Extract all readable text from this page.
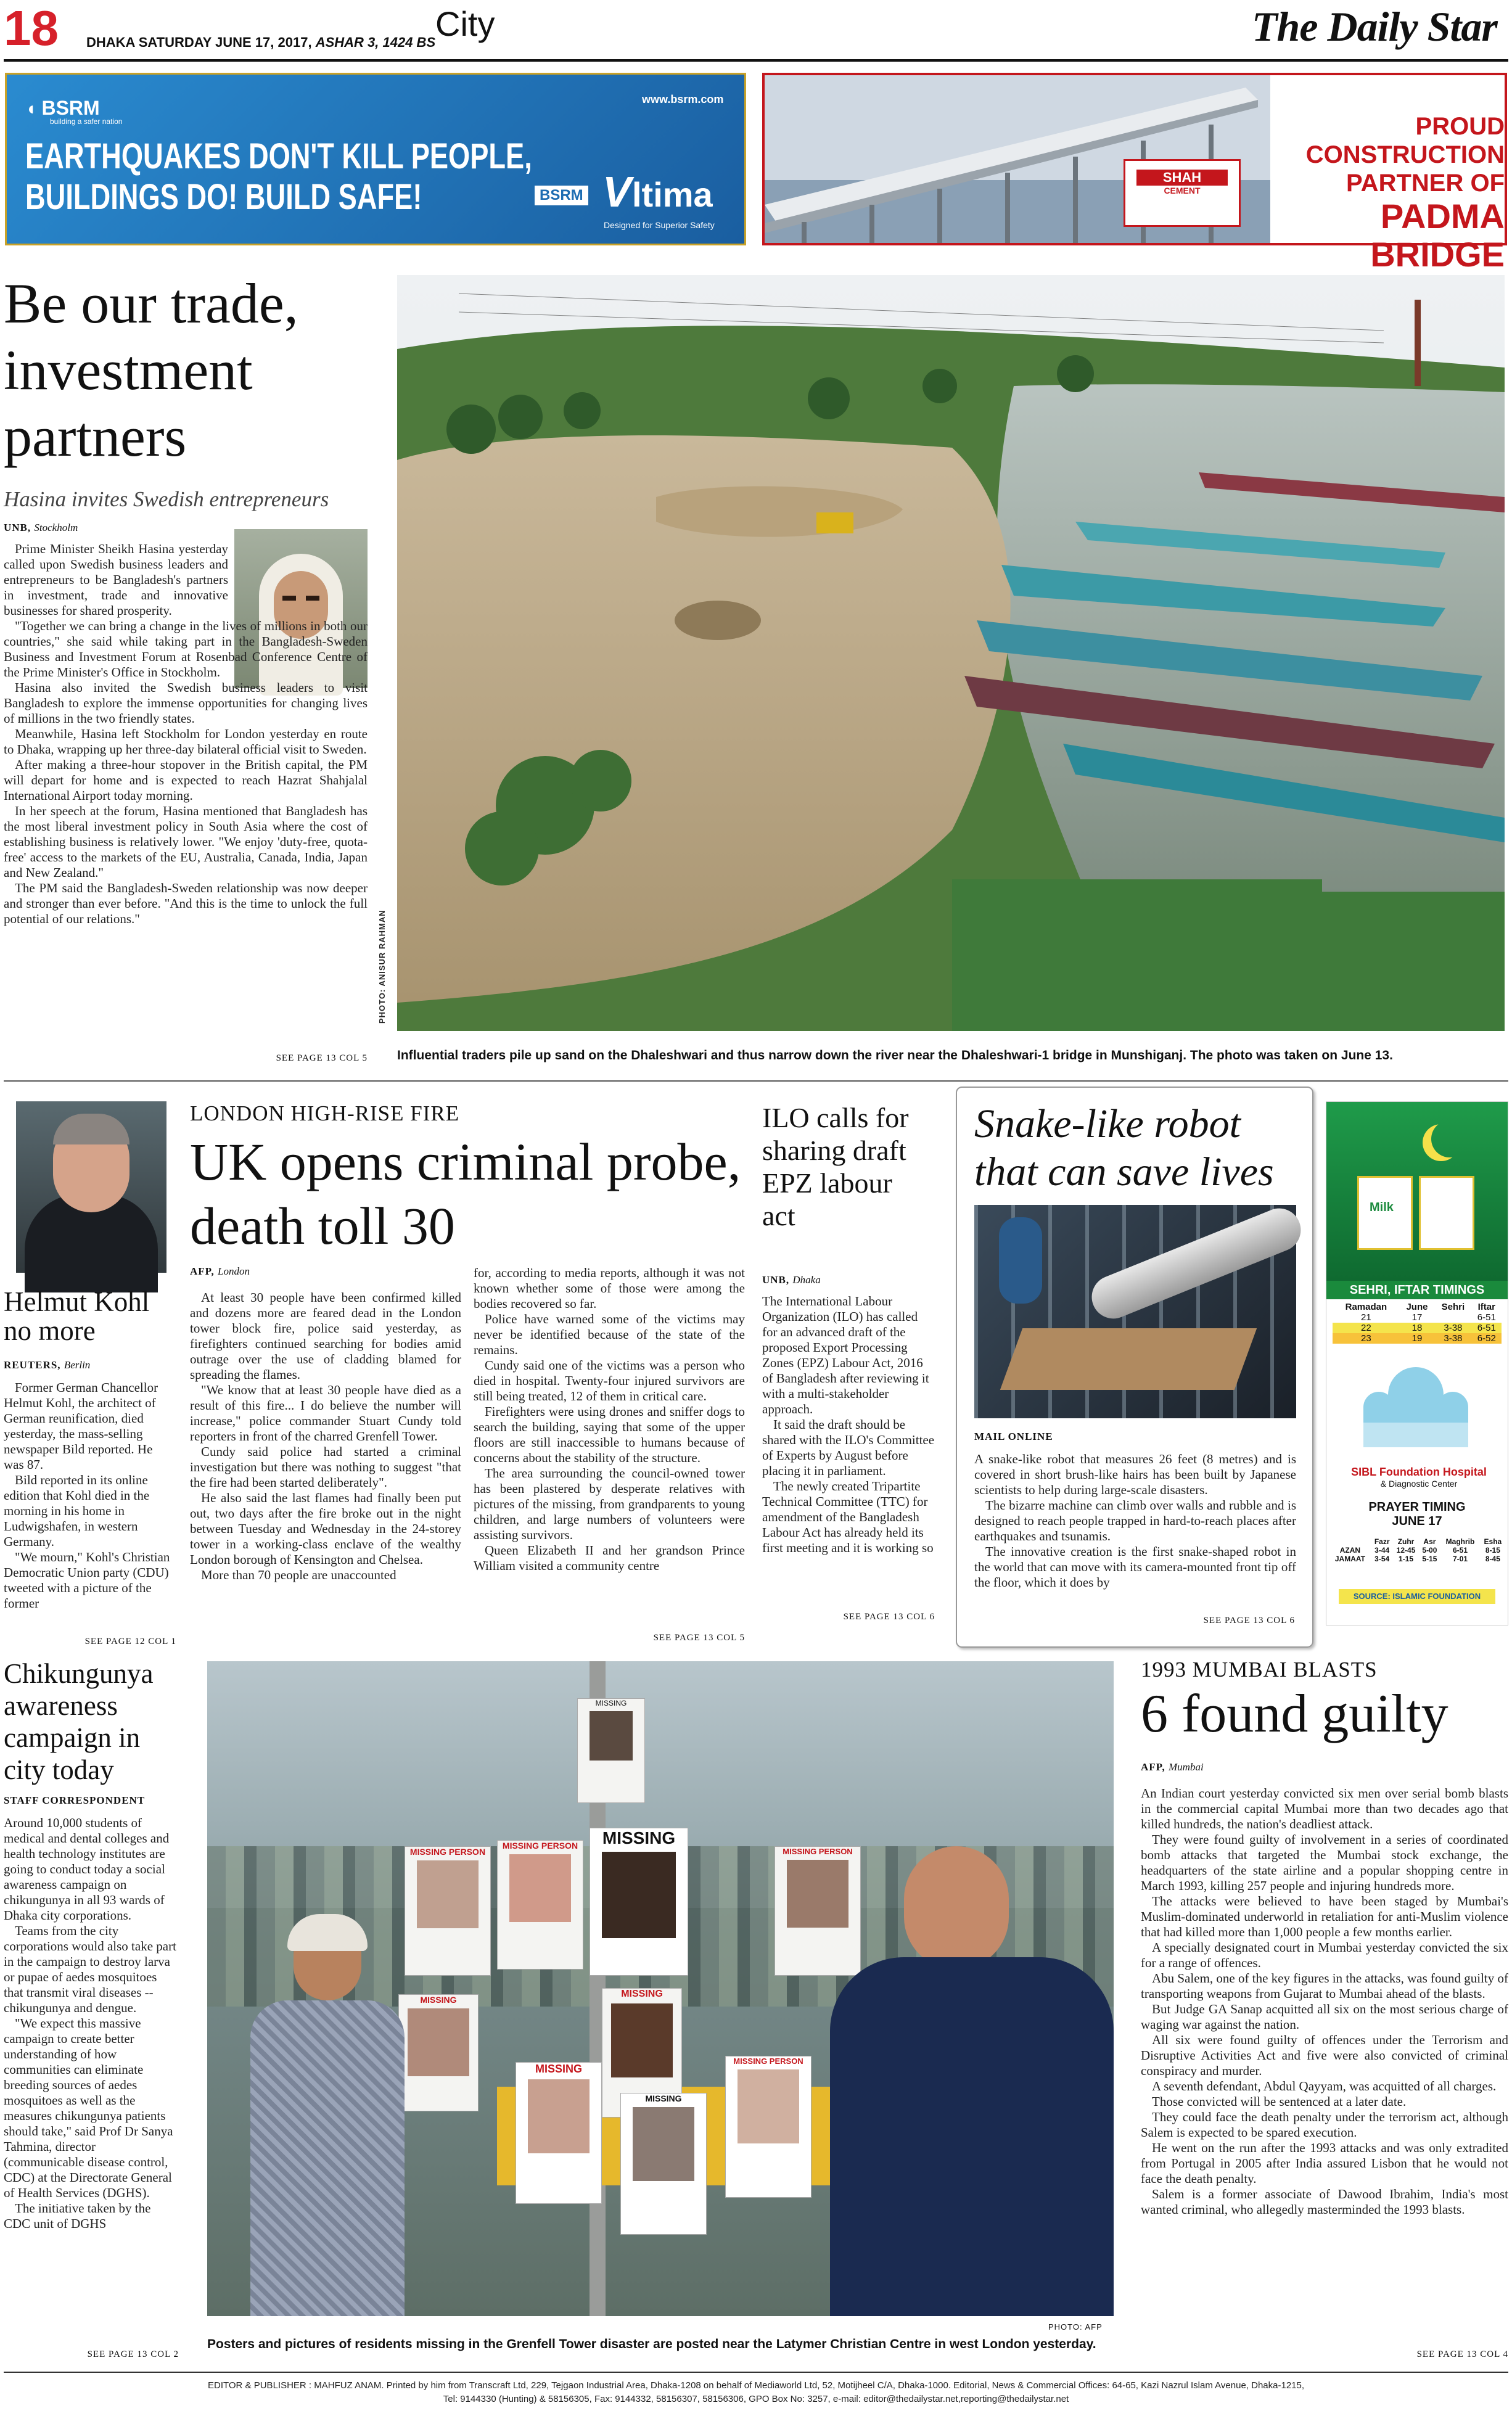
18 DHAKA SATURDAY JUNE 17, 2017, ASHAR 3, 1424 BS City	The Daily Star
◖ BSRM
building a safer nation
www.bsrm.com
EARTHQUAKES DON'T KILL PEOPLE,
BUILDINGS DO! BUILD SAFE!	BSRM V ltima
Designed for Superior Safety
SHAH
CEMENT
PROUD
CONSTRUCTION
PARTNER OF
PADMA BRIDGE
Be our trade, investment partners
Hasina invites Swedish entrepreneurs
UNB, Stockholm

Prime Minister Sheikh Hasina yesterday called upon Swedish business leaders and entrepreneurs to be Bangladesh's partners in investment, trade and innovative businesses for shared prosperity.

"Together we can bring a change in the lives of millions in both our countries," she said while taking part in the Bangladesh-Sweden Business and Investment Forum at Rosenbad Conference Centre of the Prime Minister's Office in Stockholm.

Hasina also invited the Swedish business leaders to visit Bangladesh to explore the immense opportunities for changing lives of millions in the two friendly states.

Meanwhile, Hasina left Stockholm for London yesterday en route to Dhaka, wrapping up her three-day bilateral official visit to Sweden.

After making a three-hour stopover in the British capital, the PM will depart for home and is expected to reach Hazrat Shahjalal International Airport today morning.

In her speech at the forum, Hasina mentioned that Bangladesh has the most liberal investment policy in South Asia where the cost of establishing business is relatively lower. "We enjoy 'duty-free, quota-free' access to the markets of the EU, Australia, Canada, India, Japan and New Zealand."

The PM said the Bangladesh-Sweden relationship was now deeper and stronger than ever before. "And this is the time to unlock the full potential of our relations."

SEE PAGE 13 COL 5
PHOTO: ANISUR RAHMAN
Influential traders pile up sand on the Dhaleshwari and thus narrow down the river near the Dhaleshwari-1 bridge in Munshiganj. The photo was taken on June 13.
Helmut Kohl no more
REUTERS, Berlin

Former German Chancellor Helmut Kohl, the architect of German reunification, died yesterday, the mass-selling newspaper Bild reported. He was 87.

Bild reported in its online edition that Kohl died in the morning in his home in Ludwigshafen, in western Germany.

"We mourn," Kohl's Christian Democratic Union party (CDU) tweeted with a picture of the former

SEE PAGE 12 COL 1
LONDON HIGH-RISE FIRE
UK opens criminal probe, death toll 30
AFP, London

At least 30 people have been confirmed killed and dozens more are feared dead in the London tower block fire, police said yesterday, as firefighters continued searching for bodies amid outrage over the use of cladding blamed for spreading the flames.

"We know that at least 30 people have died as a result of this fire... I do believe the number will increase," police commander Stuart Cundy told reporters in front of the charred Grenfell Tower.

Cundy said police had started a criminal investigation but there was nothing to suggest "that the fire had been started deliberately".

He also said the last flames had finally been put out, two days after the fire broke out in the night between Tuesday and Wednesday in the 24-storey tower in a working-class enclave of the wealthy London borough of Kensington and Chelsea.

More than 70 people are unaccounted

for, according to media reports, although it was not known whether some of those were among the bodies recovered so far.

Police have warned some of the victims may never be identified because of the state of the remains.

Cundy said one of the victims was a person who died in hospital. Twenty-four injured survivors are still being treated, 12 of them in critical care.

Firefighters were using drones and sniffer dogs to search the building, saying that some of the upper floors are still inaccessible to humans because of concerns about the stability of the structure.

The area surrounding the council-owned tower has been plastered by desperate relatives with pictures of the missing, from grandparents to young children, and large numbers of volunteers were assisting survivors.

Queen Elizabeth II and her grandson Prince William visited a community centre

SEE PAGE 13 COL 5
ILO calls for sharing draft EPZ labour act
UNB, Dhaka

The International Labour Organization (ILO) has called for an advanced draft of the proposed Export Processing Zones (EPZ) Labour Act, 2016 of Bangladesh after reviewing it with a multi-stakeholder approach.

It said the draft should be shared with the ILO's Committee of Experts by August before placing it in parliament.

The newly created Tripartite Technical Committee (TTC) for amendment of the Bangladesh Labour Act has already held its first meeting and it is working so

SEE PAGE 13 COL 6
Snake-like robot that can save lives
MAIL ONLINE

A snake-like robot that measures 26 feet (8 metres) and is covered in short brush-like hairs has been built by Japanese scientists to help during large-scale disasters.

The bizarre machine can climb over walls and rubble and is designed to reach people trapped in hard-to-reach places after earthquakes and tsunamis.

The innovative creation is the first snake-shaped robot in the world that can move with its camera-mounted front tip off the floor, which it does by

SEE PAGE 13 COL 6
Milk
SEHRI, IFTAR TIMINGS
Ramadan	June	Sehri	Iftar
21	17		6-51
22	18	3-38	6-51
23	19	3-38	6-52
SIBL Foundation Hospital
& Diagnostic Center
PRAYER TIMING
JUNE 17
	Fazr	Zuhr	Asr	Maghrib	Esha
AZAN	3-44	12-45	5-00	6-51	8-15
JAMAAT	3-54	1-15	5-15	7-01	8-45
SOURCE: ISLAMIC FOUNDATION
Chikungunya awareness campaign in city today
STAFF CORRESPONDENT

Around 10,000 students of medical and dental colleges and health technology institutes are going to conduct today a social awareness campaign on chikungunya in all 93 wards of Dhaka city corporations.

Teams from the city corporations would also take part in the campaign to destroy larva or pupae of aedes mosquitoes that transmit viral diseases -- chikungunya and dengue.

"We expect this massive campaign to create better understanding of how communities can eliminate breeding sources of aedes mosquitoes as well as the measures chikungunya patients should take," said Prof Dr Sanya Tahmina, director (communicable disease control, CDC) at the Directorate General of Health Services (DGHS).

The initiative taken by the CDC unit of DGHS

SEE PAGE 13 COL 2
MISSING
MISSING PERSON
MISSING PERSON	MISSING
MISSING PERSON
MISSING
MISSING
MISSING
MISSING
MISSING PERSON
PHOTO: AFP
Posters and pictures of residents missing in the Grenfell Tower disaster are posted near the Latymer Christian Centre in west London yesterday.
1993 MUMBAI BLASTS
6 found guilty
AFP, Mumbai

An Indian court yesterday convicted six men over serial bomb blasts in the commercial capital Mumbai more than two decades ago that killed hundreds, the nation's deadliest attack.

They were found guilty of involvement in a series of coordinated bomb attacks that targeted the Mumbai stock exchange, the headquarters of the state airline and a popular shopping centre in March 1993, killing 257 people and injuring hundreds more.

The attacks were believed to have been staged by Mumbai's Muslim-dominated underworld in retaliation for anti-Muslim violence that had killed more than 1,000 people a few months earlier.

A specially designated court in Mumbai yesterday convicted the six for a range of offences.

Abu Salem, one of the key figures in the attacks, was found guilty of transporting weapons from Gujarat to Mumbai ahead of the blasts.

But Judge GA Sanap acquitted all six on the most serious charge of waging war against the nation.

All six were found guilty of offences under the Terrorism and Disruptive Activities Act and five were also convicted of criminal conspiracy and murder.

A seventh defendant, Abdul Qayyam, was acquitted of all charges.

Those convicted will be sentenced at a later date.

They could face the death penalty under the terrorism act, although Salem is expected to be spared execution.

He went on the run after the 1993 attacks and was only extradited from Portugal in 2005 after India assured Lisbon that he would not face the death penalty.

Salem is a former associate of Dawood Ibrahim, India's most wanted criminal, who allegedly masterminded the 1993 blasts.

SEE PAGE 13 COL 4
EDITOR & PUBLISHER : MAHFUZ ANAM. Printed by him from Transcraft Ltd, 229, Tejgaon Industrial Area, Dhaka-1208 on behalf of Mediaworld Ltd, 52, Motijheel C/A, Dhaka-1000. Editorial, News & Commercial Offices: 64-65, Kazi Nazrul Islam Avenue, Dhaka-1215,
Tel: 9144330 (Hunting) & 58156305, Fax: 9144332, 58156307, 58156306, GPO Box No: 3257, e-mail: editor@thedailystar.net,reporting@thedailystar.net
